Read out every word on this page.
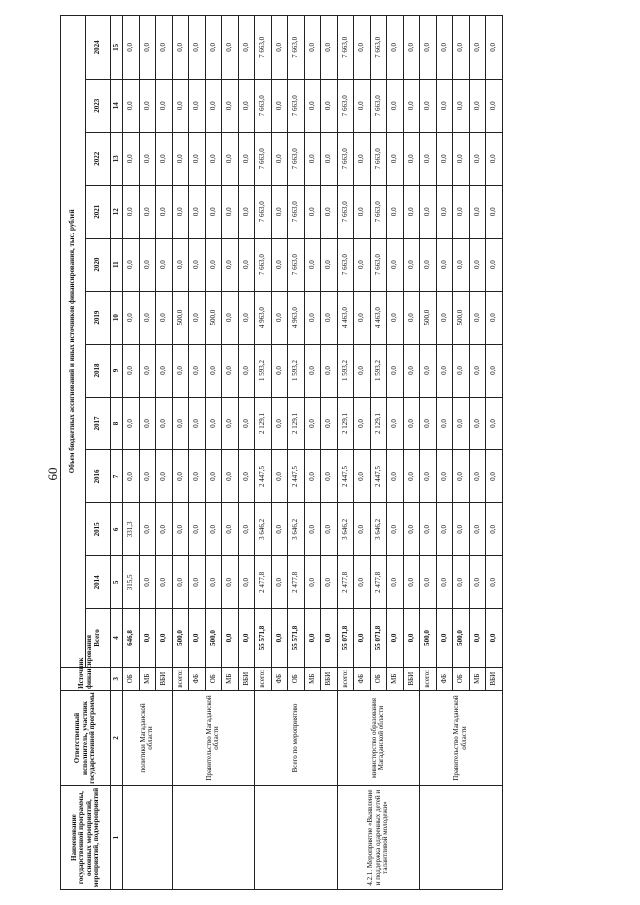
60
Наименование государственной программы, основных мероприятий, мероприятий, подмероприятий	Ответственный исполнитель, участник государственной программы	Источник финансирования	Объем бюджетных ассигнований и иных источников финансирования, тыс. рублей											
			Всего	2014	2015	2016	2017	2018	2019	2020	2021	2022	2023	2024
1	2	3	4	5	6	7	8	9	10	11	12	13	14	15
	политики Магаданской области	ОБ	646,8	315,5	331,3	0,0	0,0	0,0	0,0	0,0	0,0	0,0	0,0	0,0
		МБ	0,0	0,0	0,0	0,0	0,0	0,0	0,0	0,0	0,0	0,0	0,0	0,0
		ВБИ	0,0	0,0	0,0	0,0	0,0	0,0	0,0	0,0	0,0	0,0	0,0	0,0
	Правительство Магаданской области	всего:	500,0	0,0	0,0	0,0	0,0	0,0	500,0	0,0	0,0	0,0	0,0	0,0
		ФБ	0,0	0,0	0,0	0,0	0,0	0,0	0,0	0,0	0,0	0,0	0,0	0,0
		ОБ	500,0	0,0	0,0	0,0	0,0	0,0	500,0	0,0	0,0	0,0	0,0	0,0
		МБ	0,0	0,0	0,0	0,0	0,0	0,0	0,0	0,0	0,0	0,0	0,0	0,0
		ВБИ	0,0	0,0	0,0	0,0	0,0	0,0	0,0	0,0	0,0	0,0	0,0	0,0
	Всего по мероприятию	всего:	55 571,8	2 477,8	3 646,2	2 447,5	2 129,1	1 593,2	4 963,0	7 663,0	7 663,0	7 663,0	7 663,0	7 663,0
		ФБ	0,0	0,0	0,0	0,0	0,0	0,0	0,0	0,0	0,0	0,0	0,0	0,0
		ОБ	55 571,8	2 477,8	3 646,2	2 447,5	2 129,1	1 593,2	4 963,0	7 663,0	7 663,0	7 663,0	7 663,0	7 663,0
		МБ	0,0	0,0	0,0	0,0	0,0	0,0	0,0	0,0	0,0	0,0	0,0	0,0
		ВБИ	0,0	0,0	0,0	0,0	0,0	0,0	0,0	0,0	0,0	0,0	0,0	0,0
4.2.1. Мероприятие «Выявление и поддержка одаренных детей и талантливой молодежи»	министерство образования Магаданской области	всего:	55 071,8	2 477,8	3 646,2	2 447,5	2 129,1	1 593,2	4 463,0	7 663,0	7 663,0	7 663,0	7 663,0	7 663,0
		ФБ	0,0	0,0	0,0	0,0	0,0	0,0	0,0	0,0	0,0	0,0	0,0	0,0
		ОБ	55 071,8	2 477,8	3 646,2	2 447,5	2 129,1	1 593,2	4 463,0	7 663,0	7 663,0	7 663,0	7 663,0	7 663,0
		МБ	0,0	0,0	0,0	0,0	0,0	0,0	0,0	0,0	0,0	0,0	0,0	0,0
		ВБИ	0,0	0,0	0,0	0,0	0,0	0,0	0,0	0,0	0,0	0,0	0,0	0,0
	Правительство Магаданской области	всего:	500,0	0,0	0,0	0,0	0,0	0,0	500,0	0,0	0,0	0,0	0,0	0,0
		ФБ	0,0	0,0	0,0	0,0	0,0	0,0	0,0	0,0	0,0	0,0	0,0	0,0
		ОБ	500,0	0,0	0,0	0,0	0,0	0,0	500,0	0,0	0,0	0,0	0,0	0,0
		МБ	0,0	0,0	0,0	0,0	0,0	0,0	0,0	0,0	0,0	0,0	0,0	0,0
		ВБИ	0,0	0,0	0,0	0,0	0,0	0,0	0,0	0,0	0,0	0,0	0,0	0,0
